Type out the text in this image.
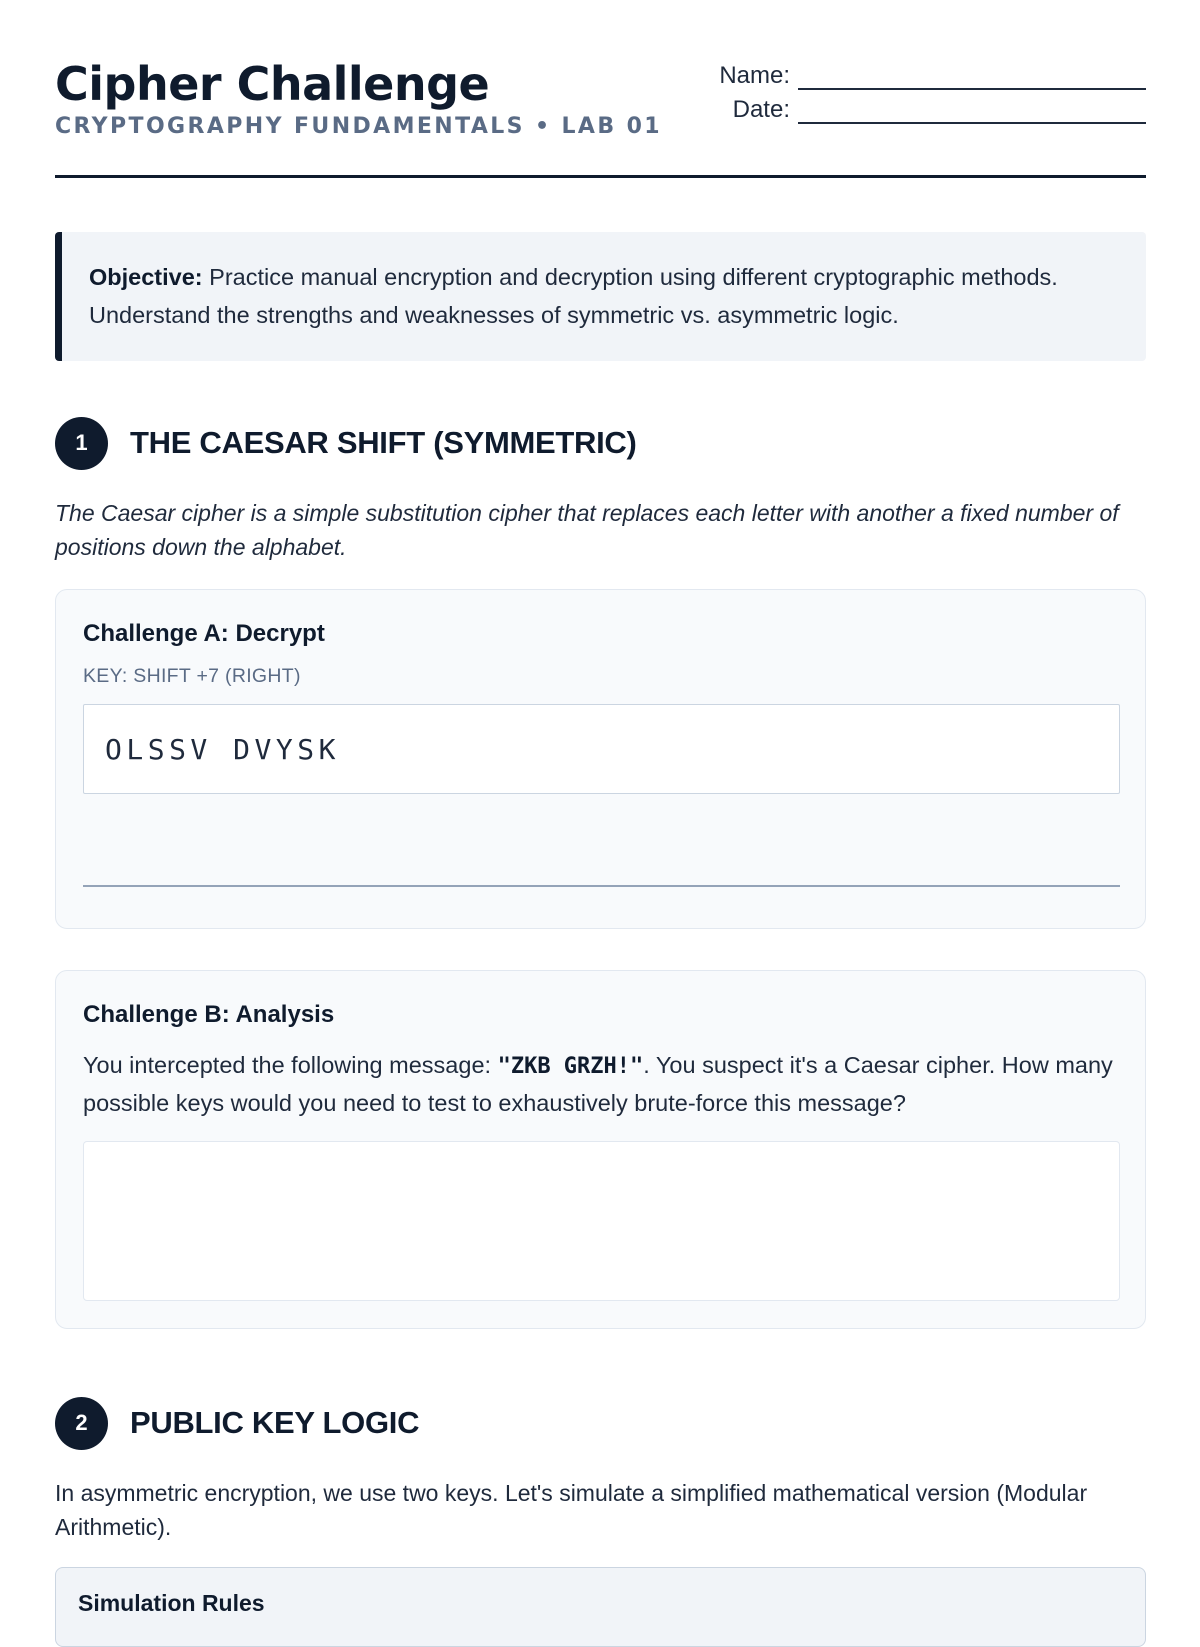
Cipher Challenge
CRYPTOGRAPHY FUNDAMENTALS • LAB 01
Name:
Date:
Objective: Practice manual encryption and decryption using different cryptographic methods. Understand the strengths and weaknesses of symmetric vs. asymmetric logic.
1	THE CAESAR SHIFT (SYMMETRIC)
The Caesar cipher is a simple substitution cipher that replaces each letter with another a fixed number of positions down the alphabet.
Challenge A: Decrypt
KEY: SHIFT +7 (RIGHT)
OLSSV DVYSK
Challenge B: Analysis
You intercepted the following message: "ZKB GRZH!". You suspect it's a Caesar cipher. How many possible keys would you need to test to exhaustively brute-force this message?
2	PUBLIC KEY LOGIC
In asymmetric encryption, we use two keys. Let's simulate a simplified mathematical version (Modular Arithmetic).
Simulation Rules
